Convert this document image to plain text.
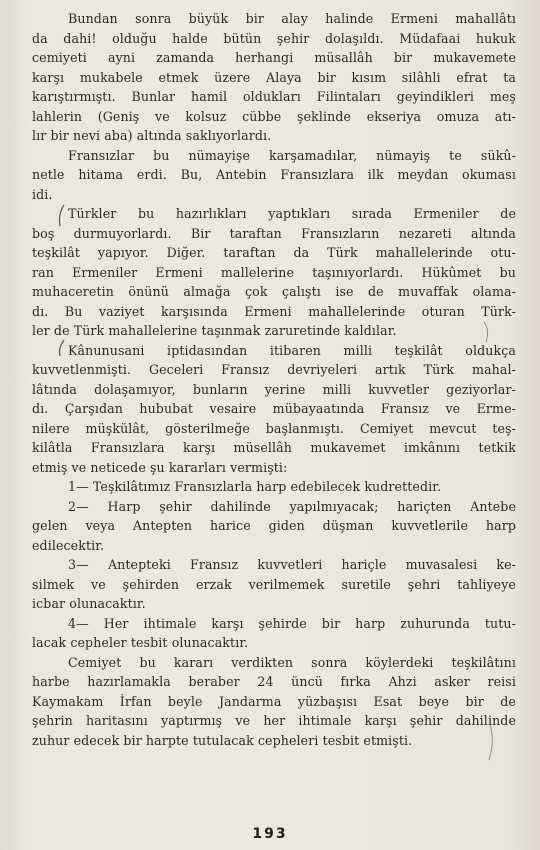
Bundan sonra büyük bir alay halinde Ermeni mahallâtı
da dahi! olduğu halde bütün şehir dolaşıldı. Müdafaai hukuk
cemiyeti ayni zamanda herhangi müsallâh bir mukavemete
karşı mukabele etmek üzere Alaya bir kısım silâhli efrat ta
karıştırmıştı. Bunlar hamil oldukları Filintaları geyindikleri meş
lahlerin (Geniş ve kolsuz cübbe şeklinde ekseriya omuza atı-
lır bir nevi aba) altında saklıyorlardı.
Fransızlar bu nümayişe karşamadılar, nümayiş te sükû-
netle hitama erdi. Bu, Antebin Fransızlara ilk meydan okuması
idi.
Türkler bu hazırlıkları yaptıkları sırada Ermeniler de
boş durmuyorlardı. Bir taraftan Fransızların nezareti altında
teşkilât yapıyor. Diğer. taraftan da Türk mahallelerinde otu-
ran Ermeniler Ermeni mallelerine taşınıyorlardı. Hükûmet bu
muhaceretin önünü almağa çok çalıştı ise de muvaffak olama-
dı. Bu vaziyet karşısında Ermeni mahallelerinde oturan Türk-
ler de Türk mahallelerine taşınmak zaruretinde kaldılar.
Kânunusani iptidasından itibaren milli teşkilât oldukça
kuvvetlenmişti. Geceleri Fransız devriyeleri artık Türk mahal-
lâtında dolaşamıyor, bunların yerine milli kuvvetler geziyorlar-
dı. Çarşıdan hububat vesaire mübayaatında Fransız ve Erme-
nilere müşkülât, gösterilmeğe başlanmıştı. Cemiyet mevcut teş-
kilâtla Fransızlara karşı müsellâh mukavemet imkânını tetkik
etmiş ve neticede şu kararları vermişti:
1— Teşkilâtımız Fransızlarla harp edebilecek kudrettedir.
2— Harp şehir dahilinde yapılmıyacak; hariçten Antebe
gelen veya Antepten harice giden düşman kuvvetlerile harp
edilecektir.
3— Antepteki Fransız kuvvetleri hariçle muvasalesi ke-
silmek ve şehirden erzak verilmemek suretile şehri tahliyeye
icbar olunacaktır.
4— Her ihtimale karşı şehirde bir harp zuhurunda tutu-
lacak cepheler tesbit olunacaktır.
Cemiyet bu kararı verdikten sonra köylerdeki teşkilâtını
harbe hazırlamakla beraber 24 üncü fırka Ahzi asker reisi
Kaymakam İrfan beyle Jandarma yüzbaşısı Esat beye bir de
şehrin haritasını yaptırmış ve her ihtimale karşı şehir dahilinde
zuhur edecek bir harpte tutulacak cepheleri tesbit etmişti.
193
